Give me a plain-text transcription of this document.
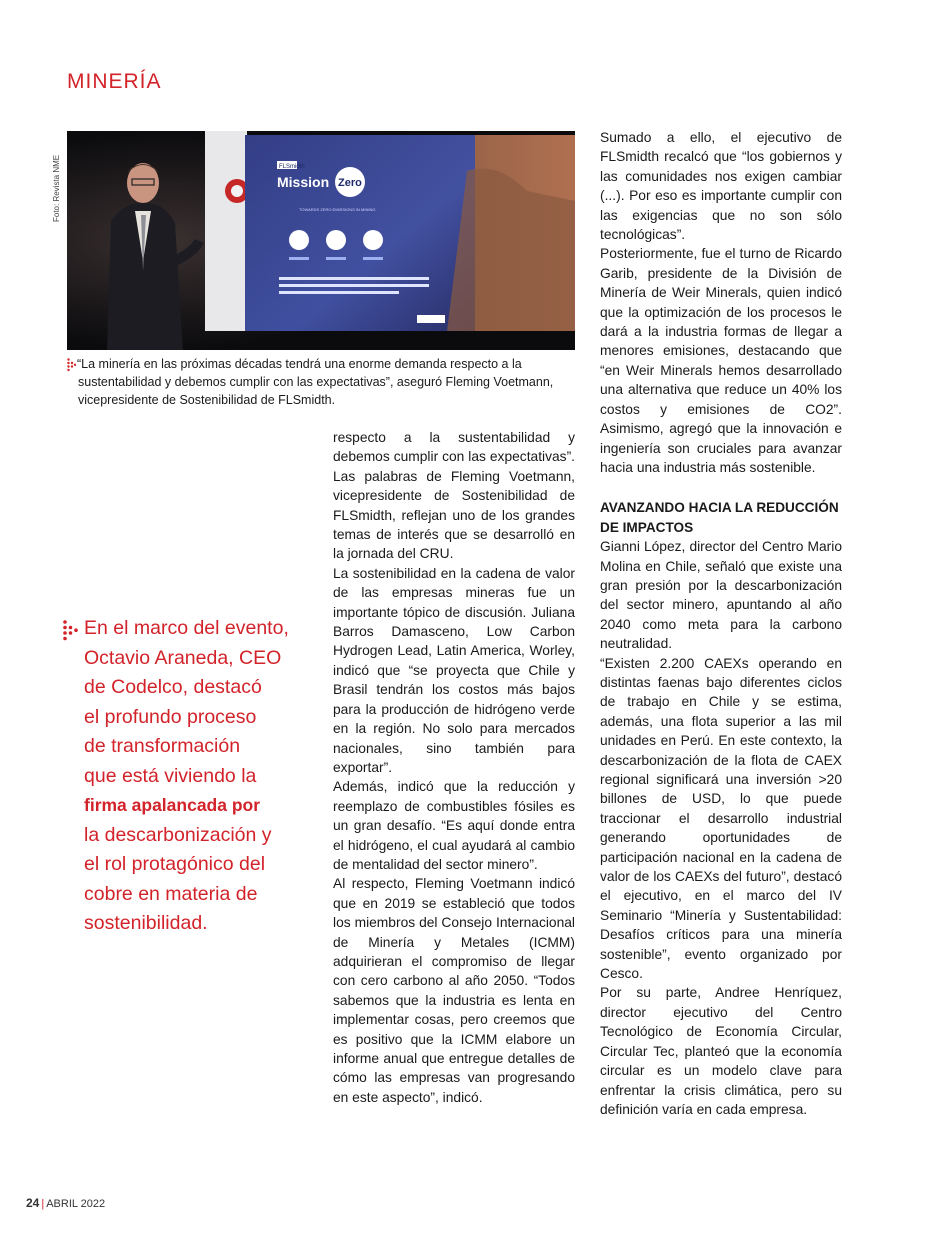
MINERÍA
Foto: Revista NME	FLSmidth
Mission Zero
TOWARDS ZERO EMISSIONS IN MINING
“La minería en las próximas décadas tendrá una enorme demanda respecto a la sustentabilidad y debemos cumplir con las expectativas”, aseguró Fleming Voetmann, vicepresidente de Sostenibilidad de FLSmidth.
En el marco del evento,
Octavio Araneda, CEO
de Codelco, destacó
el profundo proceso
de transformación
que está viviendo la
firma apalancada por
la descarbonización y
el rol protagónico del
cobre en materia de
sostenibilidad.

respecto a la sustentabilidad y debemos cumplir con las expectativas”. Las palabras de Fleming Voetmann, vicepresidente de Sostenibilidad de FLSmidth, reflejan uno de los grandes temas de interés que se desarrolló en la jornada del CRU.

La sostenibilidad en la cadena de valor de las empresas mineras fue un importante tópico de discusión. Juliana Barros Damasceno, Low Carbon Hydrogen Lead, Latin America, Worley, indicó que “se proyecta que Chile y Brasil tendrán los costos más bajos para la producción de hidrógeno verde en la región. No solo para mercados nacionales, sino también para exportar”.

Además, indicó que la reducción y reemplazo de combustibles fósiles es un gran desafío. “Es aquí donde entra el hidrógeno, el cual ayudará al cambio de mentalidad del sector minero”.

Al respecto, Fleming Voetmann indicó que en 2019 se estableció que todos los miembros del Consejo Internacional de Minería y Metales (ICMM) adquirieran el compromiso de llegar con cero carbono al año 2050. “Todos sabemos que la industria es lenta en implementar cosas, pero creemos que es positivo que la ICMM elabore un informe anual que entregue detalles de cómo las empresas van progresando en este aspecto”, indicó.

Sumado a ello, el ejecutivo de FLSmidth recalcó que “los gobiernos y las comunidades nos exigen cambiar (...). Por eso es importante cumplir con las exigencias que no son sólo tecnológicas”.

Posteriormente, fue el turno de Ricardo Garib, presidente de la División de Minería de Weir Minerals, quien indicó que la optimización de los procesos le dará a la industria formas de llegar a menores emisiones, destacando que “en Weir Minerals hemos desarrollado una alternativa que reduce un 40% los costos y emisiones de CO2”. Asimismo, agregó que la innovación e ingeniería son cruciales para avanzar hacia una industria más sostenible.

AVANZANDO HACIA LA REDUCCIÓN DE IMPACTOS

Gianni López, director del Centro Mario Molina en Chile, señaló que existe una gran presión por la descarbonización del sector minero, apuntando al año 2040 como meta para la carbono neutralidad.

“Existen 2.200 CAEXs operando en distintas faenas bajo diferentes ciclos de trabajo en Chile y se estima, además, una flota superior a las mil unidades en Perú. En este contexto, la descarbonización de la flota de CAEX regional significará una inversión >20 billones de USD, lo que puede traccionar el desarrollo industrial generando oportunidades de participación nacional en la cadena de valor de los CAEXs del futuro”, destacó el ejecutivo, en el marco del IV Seminario “Minería y Sustentabilidad: Desafíos críticos para una minería sostenible”, evento organizado por Cesco.

Por su parte, Andree Henríquez, director ejecutivo del Centro Tecnológico de Economía Circular, Circular Tec, planteó que la economía circular es un modelo clave para enfrentar la crisis climática, pero su definición varía en cada empresa.

24 | ABRIL 2022
